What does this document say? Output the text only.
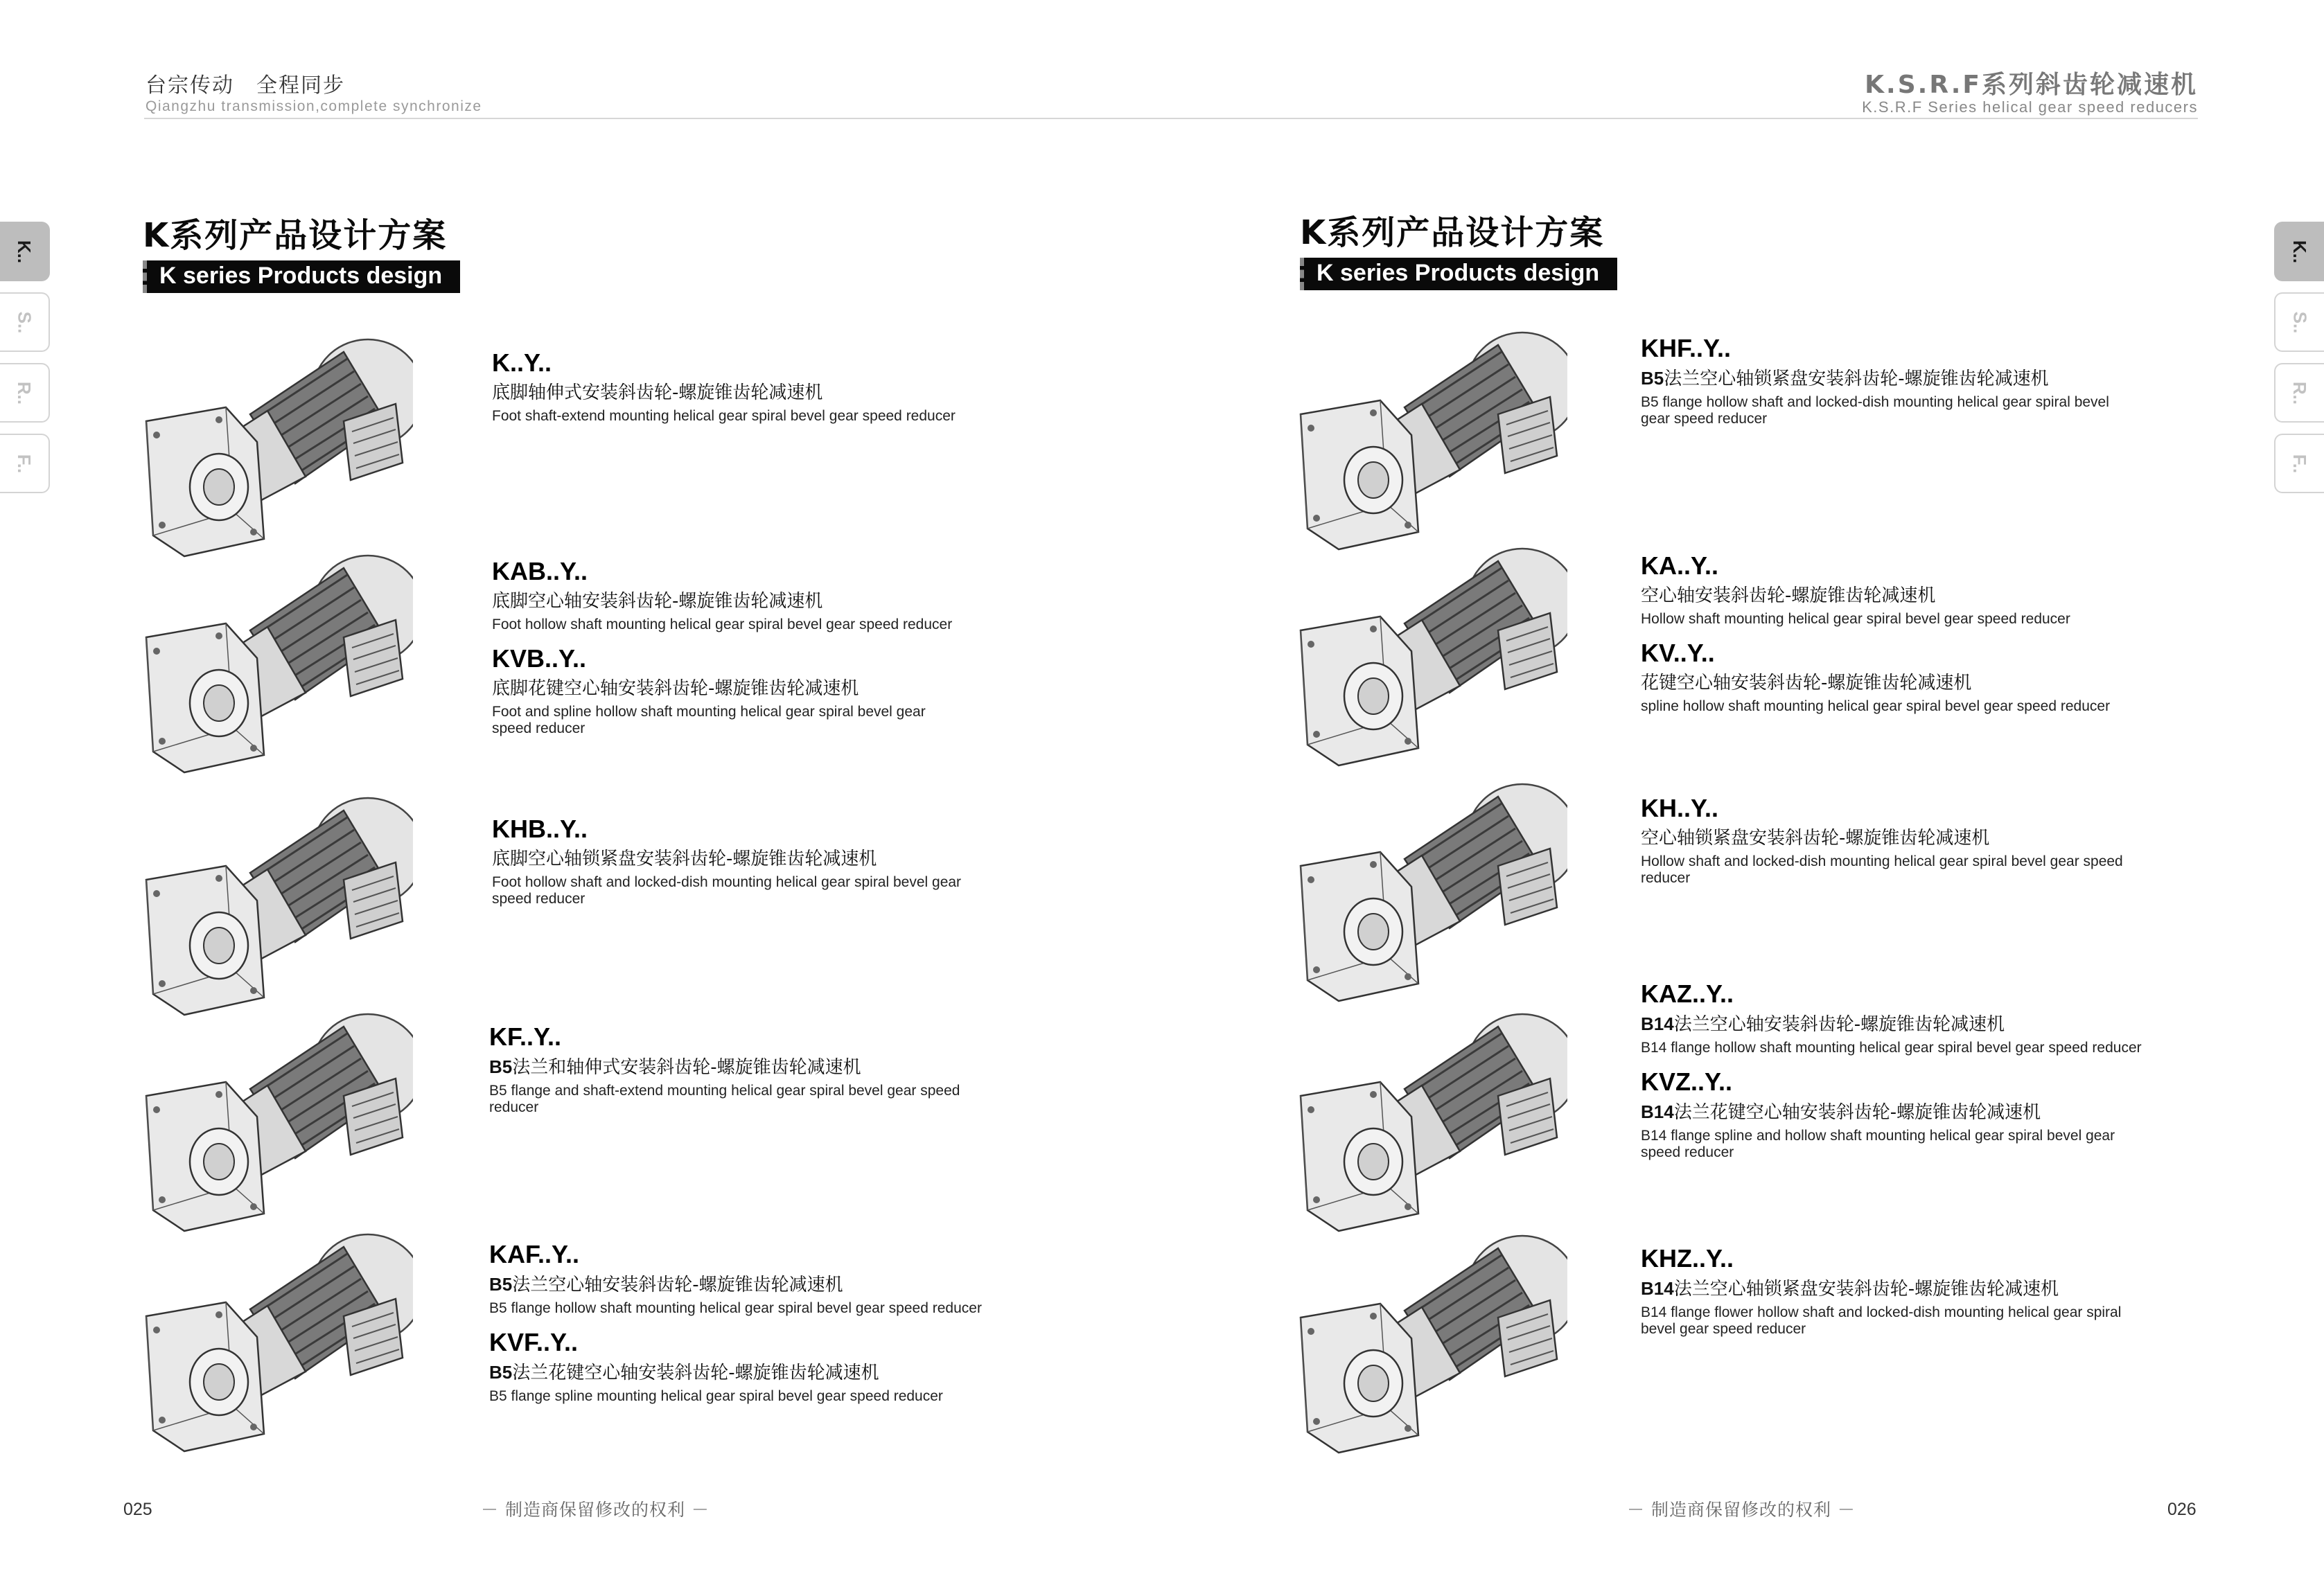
台宗传动　全程同步
Qiangzhu transmission,complete synchronize
K.S.R.F系列斜齿轮减速机
K.S.R.F Series helical gear speed reducers
K..
S..
R..
F..
K..
S..
R..
F..
K系列产品设计方案
K series Products design
K系列产品设计方案
K series Products design
K..Y..
底脚轴伸式安装斜齿轮-螺旋锥齿轮减速机
Foot shaft-extend mounting helical gear spiral bevel gear speed reducer
KAB..Y..
底脚空心轴安装斜齿轮-螺旋锥齿轮减速机
Foot hollow shaft mounting helical gear spiral bevel gear speed reducer
KVB..Y..
底脚花键空心轴安装斜齿轮-螺旋锥齿轮减速机
Foot and spline hollow shaft mounting helical gear spiral bevel gear speed reducer
KHB..Y..
底脚空心轴锁紧盘安装斜齿轮-螺旋锥齿轮减速机
Foot hollow shaft and locked-dish mounting helical gear spiral bevel gear speed reducer
KF..Y..
B5法兰和轴伸式安装斜齿轮-螺旋锥齿轮减速机
B5 flange and shaft-extend mounting helical gear spiral bevel gear speed reducer
KAF..Y..
B5法兰空心轴安装斜齿轮-螺旋锥齿轮减速机
B5 flange hollow shaft mounting helical gear spiral bevel gear speed reducer
KVF..Y..
B5法兰花键空心轴安装斜齿轮-螺旋锥齿轮减速机
B5 flange spline mounting helical gear spiral bevel gear speed reducer
KHF..Y..
B5法兰空心轴锁紧盘安装斜齿轮-螺旋锥齿轮减速机
B5 flange hollow shaft and locked-dish mounting helical gear spiral bevel gear speed reducer
KA..Y..
空心轴安装斜齿轮-螺旋锥齿轮减速机
Hollow shaft mounting helical gear spiral bevel gear speed reducer
KV..Y..
花键空心轴安装斜齿轮-螺旋锥齿轮减速机
spline hollow shaft mounting helical gear spiral bevel gear speed reducer
KH..Y..
空心轴锁紧盘安装斜齿轮-螺旋锥齿轮减速机
Hollow shaft and locked-dish mounting helical gear spiral bevel gear speed reducer
KAZ..Y..
B14法兰空心轴安装斜齿轮-螺旋锥齿轮减速机
B14 flange hollow shaft mounting helical gear spiral bevel gear speed reducer
KVZ..Y..
B14法兰花键空心轴安装斜齿轮-螺旋锥齿轮减速机
B14 flange spline and hollow shaft mounting helical gear spiral bevel gear speed reducer
KHZ..Y..
B14法兰空心轴锁紧盘安装斜齿轮-螺旋锥齿轮减速机
B14 flange flower hollow shaft and locked-dish mounting helical gear spiral bevel gear speed reducer
025	－ 制造商保留修改的权利 －	－ 制造商保留修改的权利 －	026
